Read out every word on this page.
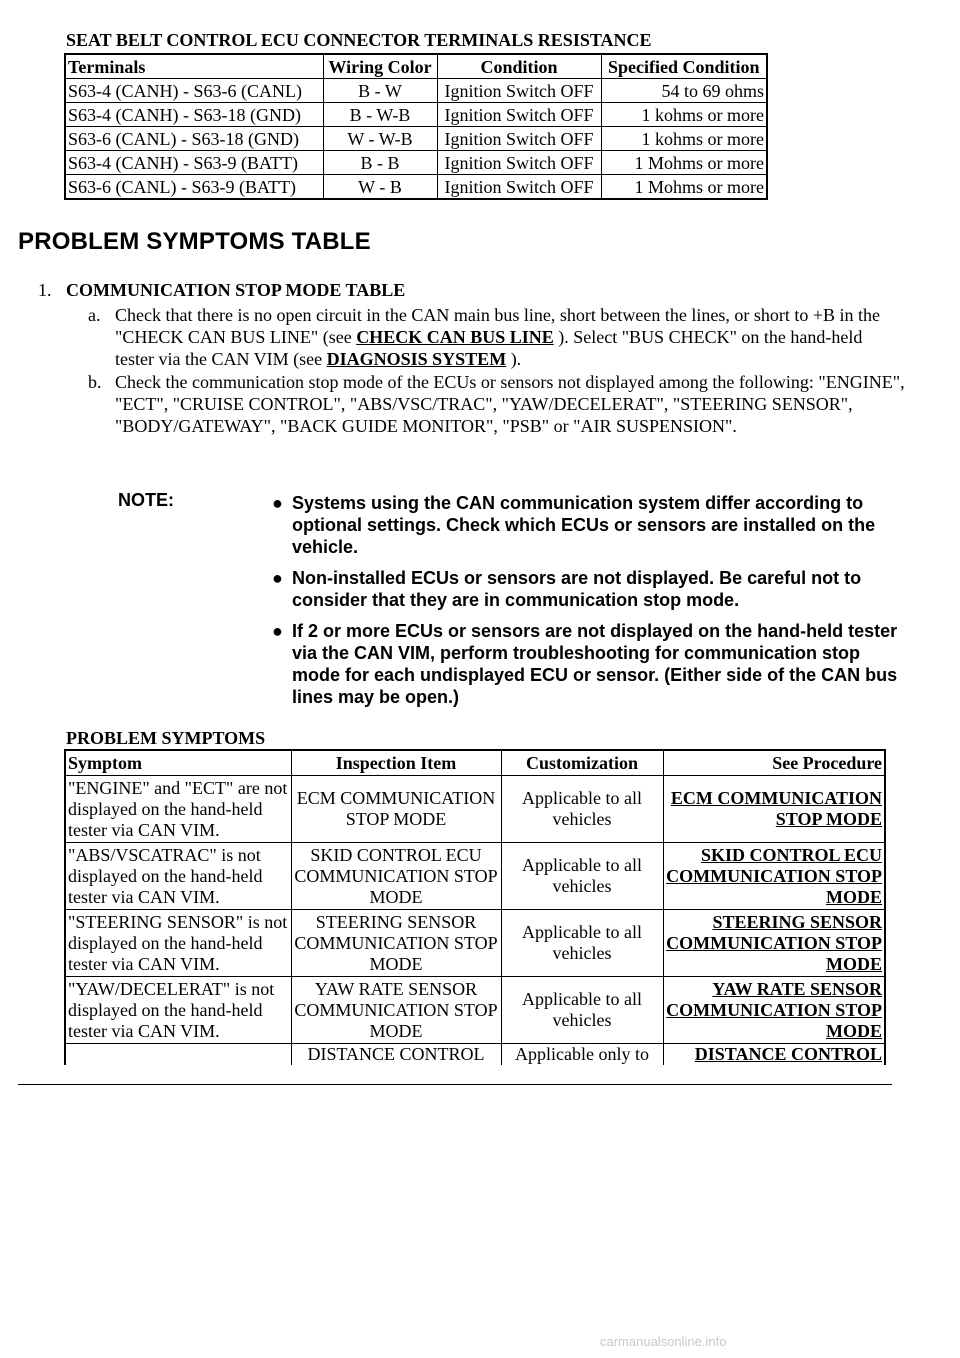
SEAT BELT CONTROL ECU CONNECTOR TERMINALS RESISTANCE
Terminals	Wiring Color	Condition	Specified Condition
S63-4 (CANH) - S63-6 (CANL)	B - W	Ignition Switch OFF	54 to 69 ohms
S63-4 (CANH) - S63-18 (GND)	B - W-B	Ignition Switch OFF	1 kohms or more
S63-6 (CANL) - S63-18 (GND)	W - W-B	Ignition Switch OFF	1 kohms or more
S63-4 (CANH) - S63-9 (BATT)	B - B	Ignition Switch OFF	1 Mohms or more
S63-6 (CANL) - S63-9 (BATT)	W - B	Ignition Switch OFF	1 Mohms or more
PROBLEM SYMPTOMS TABLE
1. COMMUNICATION STOP MODE TABLE
a. Check that there is no open circuit in the CAN main bus line, short between the lines, or short to +B in the "CHECK CAN BUS LINE" (see CHECK CAN BUS LINE ). Select "BUS CHECK" on the hand-held tester via the CAN VIM (see DIAGNOSIS SYSTEM ).
b. Check the communication stop mode of the ECUs or sensors not displayed among the following: "ENGINE", "ECT", "CRUISE CONTROL", "ABS/VSC/TRAC", "YAW/DECELERAT", "STEERING SENSOR", "BODY/GATEWAY", "BACK GUIDE MONITOR", "PSB" or "AIR SUSPENSION".
NOTE:	● Systems using the CAN communication system differ according to optional settings. Check which ECUs or sensors are installed on the vehicle.
● Non-installed ECUs or sensors are not displayed. Be careful not to consider that they are in communication stop mode.
● If 2 or more ECUs or sensors are not displayed on the hand-held tester via the CAN VIM, perform troubleshooting for communication stop mode for each undisplayed ECU or sensor. (Either side of the CAN bus lines may be open.)
PROBLEM SYMPTOMS
Symptom	Inspection Item	Customization	See Procedure
"ENGINE" and "ECT" are not displayed on the hand-held tester via CAN VIM.	ECM COMMUNICATION STOP MODE	Applicable to all vehicles	ECM COMMUNICATION STOP MODE
"ABS/VSCATRAC" is not displayed on the hand-held tester via CAN VIM.	SKID CONTROL ECU COMMUNICATION STOP MODE	Applicable to all vehicles	SKID CONTROL ECU COMMUNICATION STOP MODE
"STEERING SENSOR" is not displayed on the hand-held tester via CAN VIM.	STEERING SENSOR COMMUNICATION STOP MODE	Applicable to all vehicles	STEERING SENSOR COMMUNICATION STOP MODE
"YAW/DECELERAT" is not displayed on the hand-held tester via CAN VIM.	YAW RATE SENSOR COMMUNICATION STOP MODE	Applicable to all vehicles	YAW RATE SENSOR COMMUNICATION STOP MODE
	DISTANCE CONTROL	Applicable only to	DISTANCE CONTROL
carmanualsonline.info
